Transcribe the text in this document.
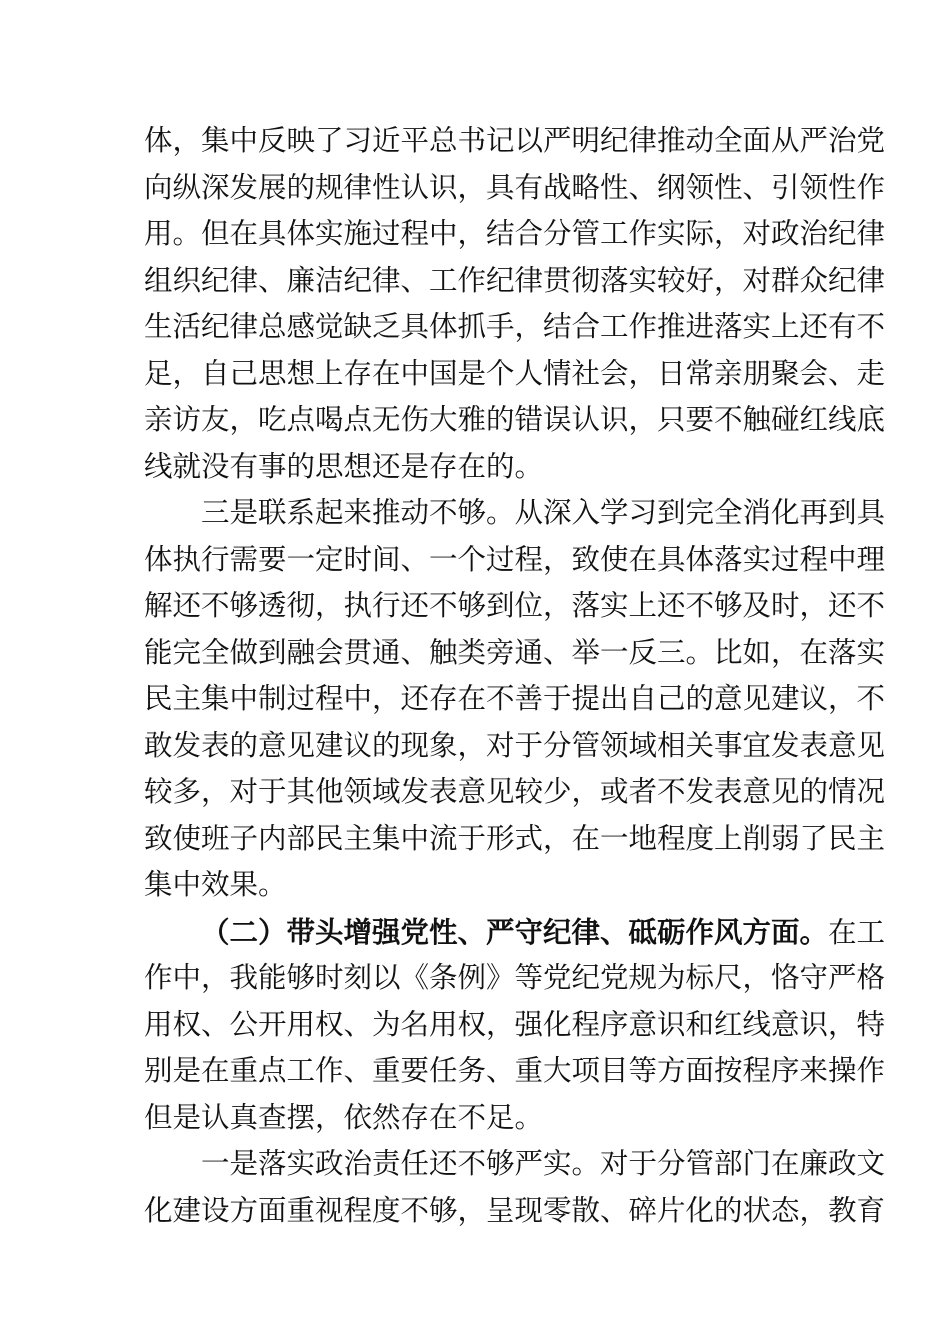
体，集中反映了习近平总书记以严明纪律推动全面从严治党
向纵深发展的规律性认识，具有战略性、纲领性、引领性作
用。但在具体实施过程中，结合分管工作实际，对政治纪律
组织纪律、廉洁纪律、工作纪律贯彻落实较好，对群众纪律
生活纪律总感觉缺乏具体抓手，结合工作推进落实上还有不
足，自己思想上存在中国是个人情社会，日常亲朋聚会、走
亲访友，吃点喝点无伤大雅的错误认识，只要不触碰红线底
线就没有事的思想还是存在的。
三是联系起来推动不够。从深入学习到完全消化再到具
体执行需要一定时间、一个过程，致使在具体落实过程中理
解还不够透彻，执行还不够到位，落实上还不够及时，还不
能完全做到融会贯通、触类旁通、举一反三。比如，在落实
民主集中制过程中，还存在不善于提出自己的意见建议，不
敢发表的意见建议的现象，对于分管领域相关事宜发表意见
较多，对于其他领域发表意见较少，或者不发表意见的情况
致使班子内部民主集中流于形式，在一地程度上削弱了民主
集中效果。
（二）带头增强党性、严守纪律、砥砺作风方面。在工
作中，我能够时刻以《条例》等党纪党规为标尺，恪守严格
用权、公开用权、为名用权，强化程序意识和红线意识，特
别是在重点工作、重要任务、重大项目等方面按程序来操作
但是认真查摆，依然存在不足。
一是落实政治责任还不够严实。对于分管部门在廉政文
化建设方面重视程度不够，呈现零散、碎片化的状态，教育
